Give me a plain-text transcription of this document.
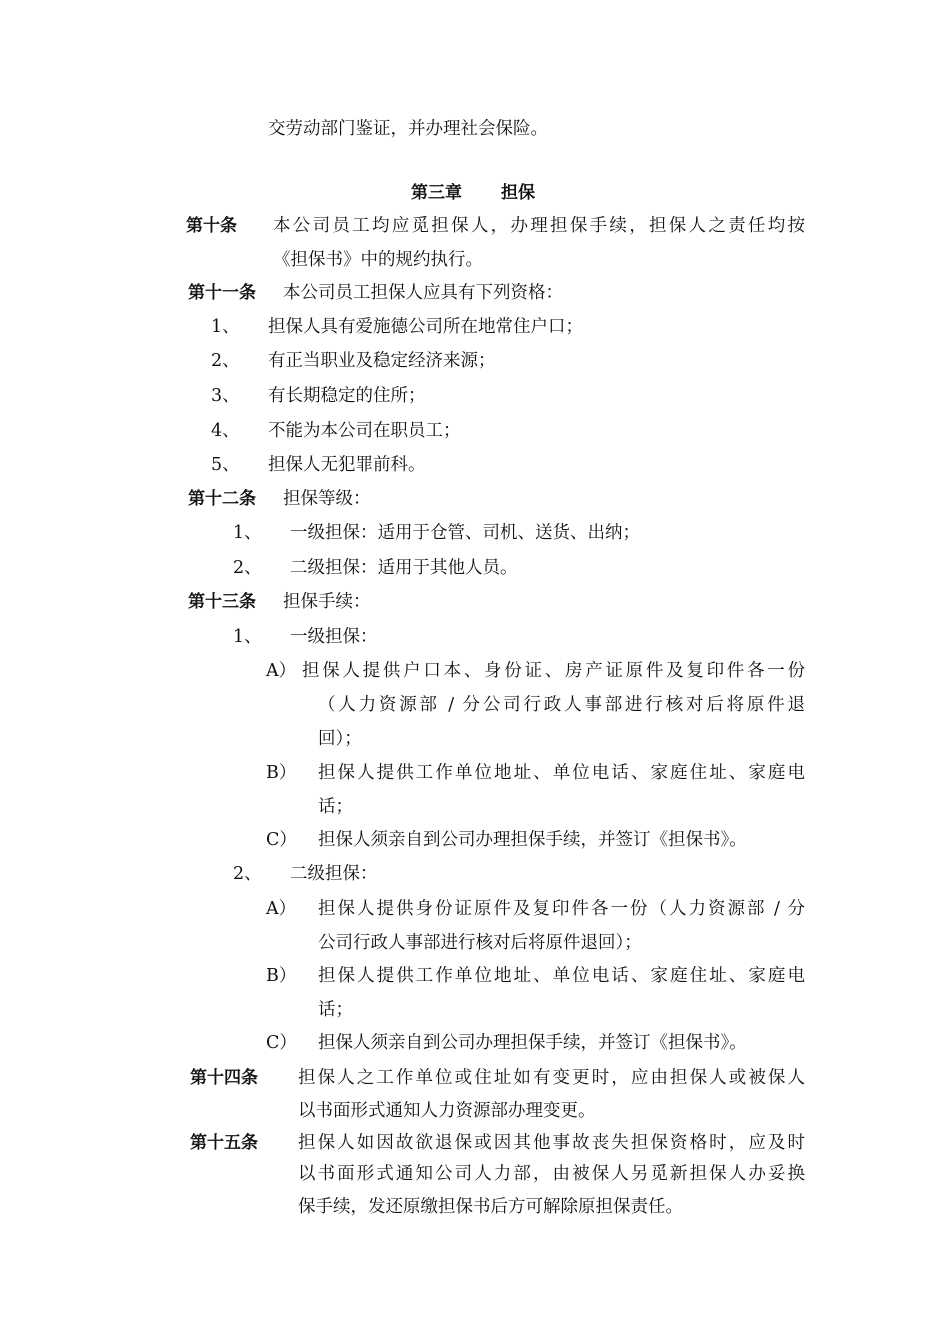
交劳动部门鉴证，并办理社会保险。
第三章 担保
第十条 本公司员工均应觅担保人，办理担保手续，担保人之责任均按
《担保书》中的规约执行。
第十一条 本公司员工担保人应具有下列资格：
1、 担保人具有爱施德公司所在地常住户口；
2、 有正当职业及稳定经济来源；
3、 有长期稳定的住所；
4、 不能为本公司在职员工；
5、 担保人无犯罪前科。
第十二条 担保等级：
1、 一级担保：适用于仓管、司机、送货、出纳；
2、 二级担保：适用于其他人员。
第十三条 担保手续：
1、 一级担保：
A） 担保人提供户口本、身份证、房产证原件及复印件各一份
（人力资源部 / 分公司行政人事部进行核对后将原件退
回）；
B） 担保人提供工作单位地址、单位电话、家庭住址、家庭电
话；
C） 担保人须亲自到公司办理担保手续，并签订《担保书》。
2、 二级担保：
A） 担保人提供身份证原件及复印件各一份（人力资源部 / 分
公司行政人事部进行核对后将原件退回）；
B） 担保人提供工作单位地址、单位电话、家庭住址、家庭电
话；
C） 担保人须亲自到公司办理担保手续，并签订《担保书》。
第十四条 担保人之工作单位或住址如有变更时，应由担保人或被保人
以书面形式通知人力资源部办理变更。
第十五条 担保人如因故欲退保或因其他事故丧失担保资格时，应及时
以书面形式通知公司人力部，由被保人另觅新担保人办妥换
保手续，发还原缴担保书后方可解除原担保责任。
